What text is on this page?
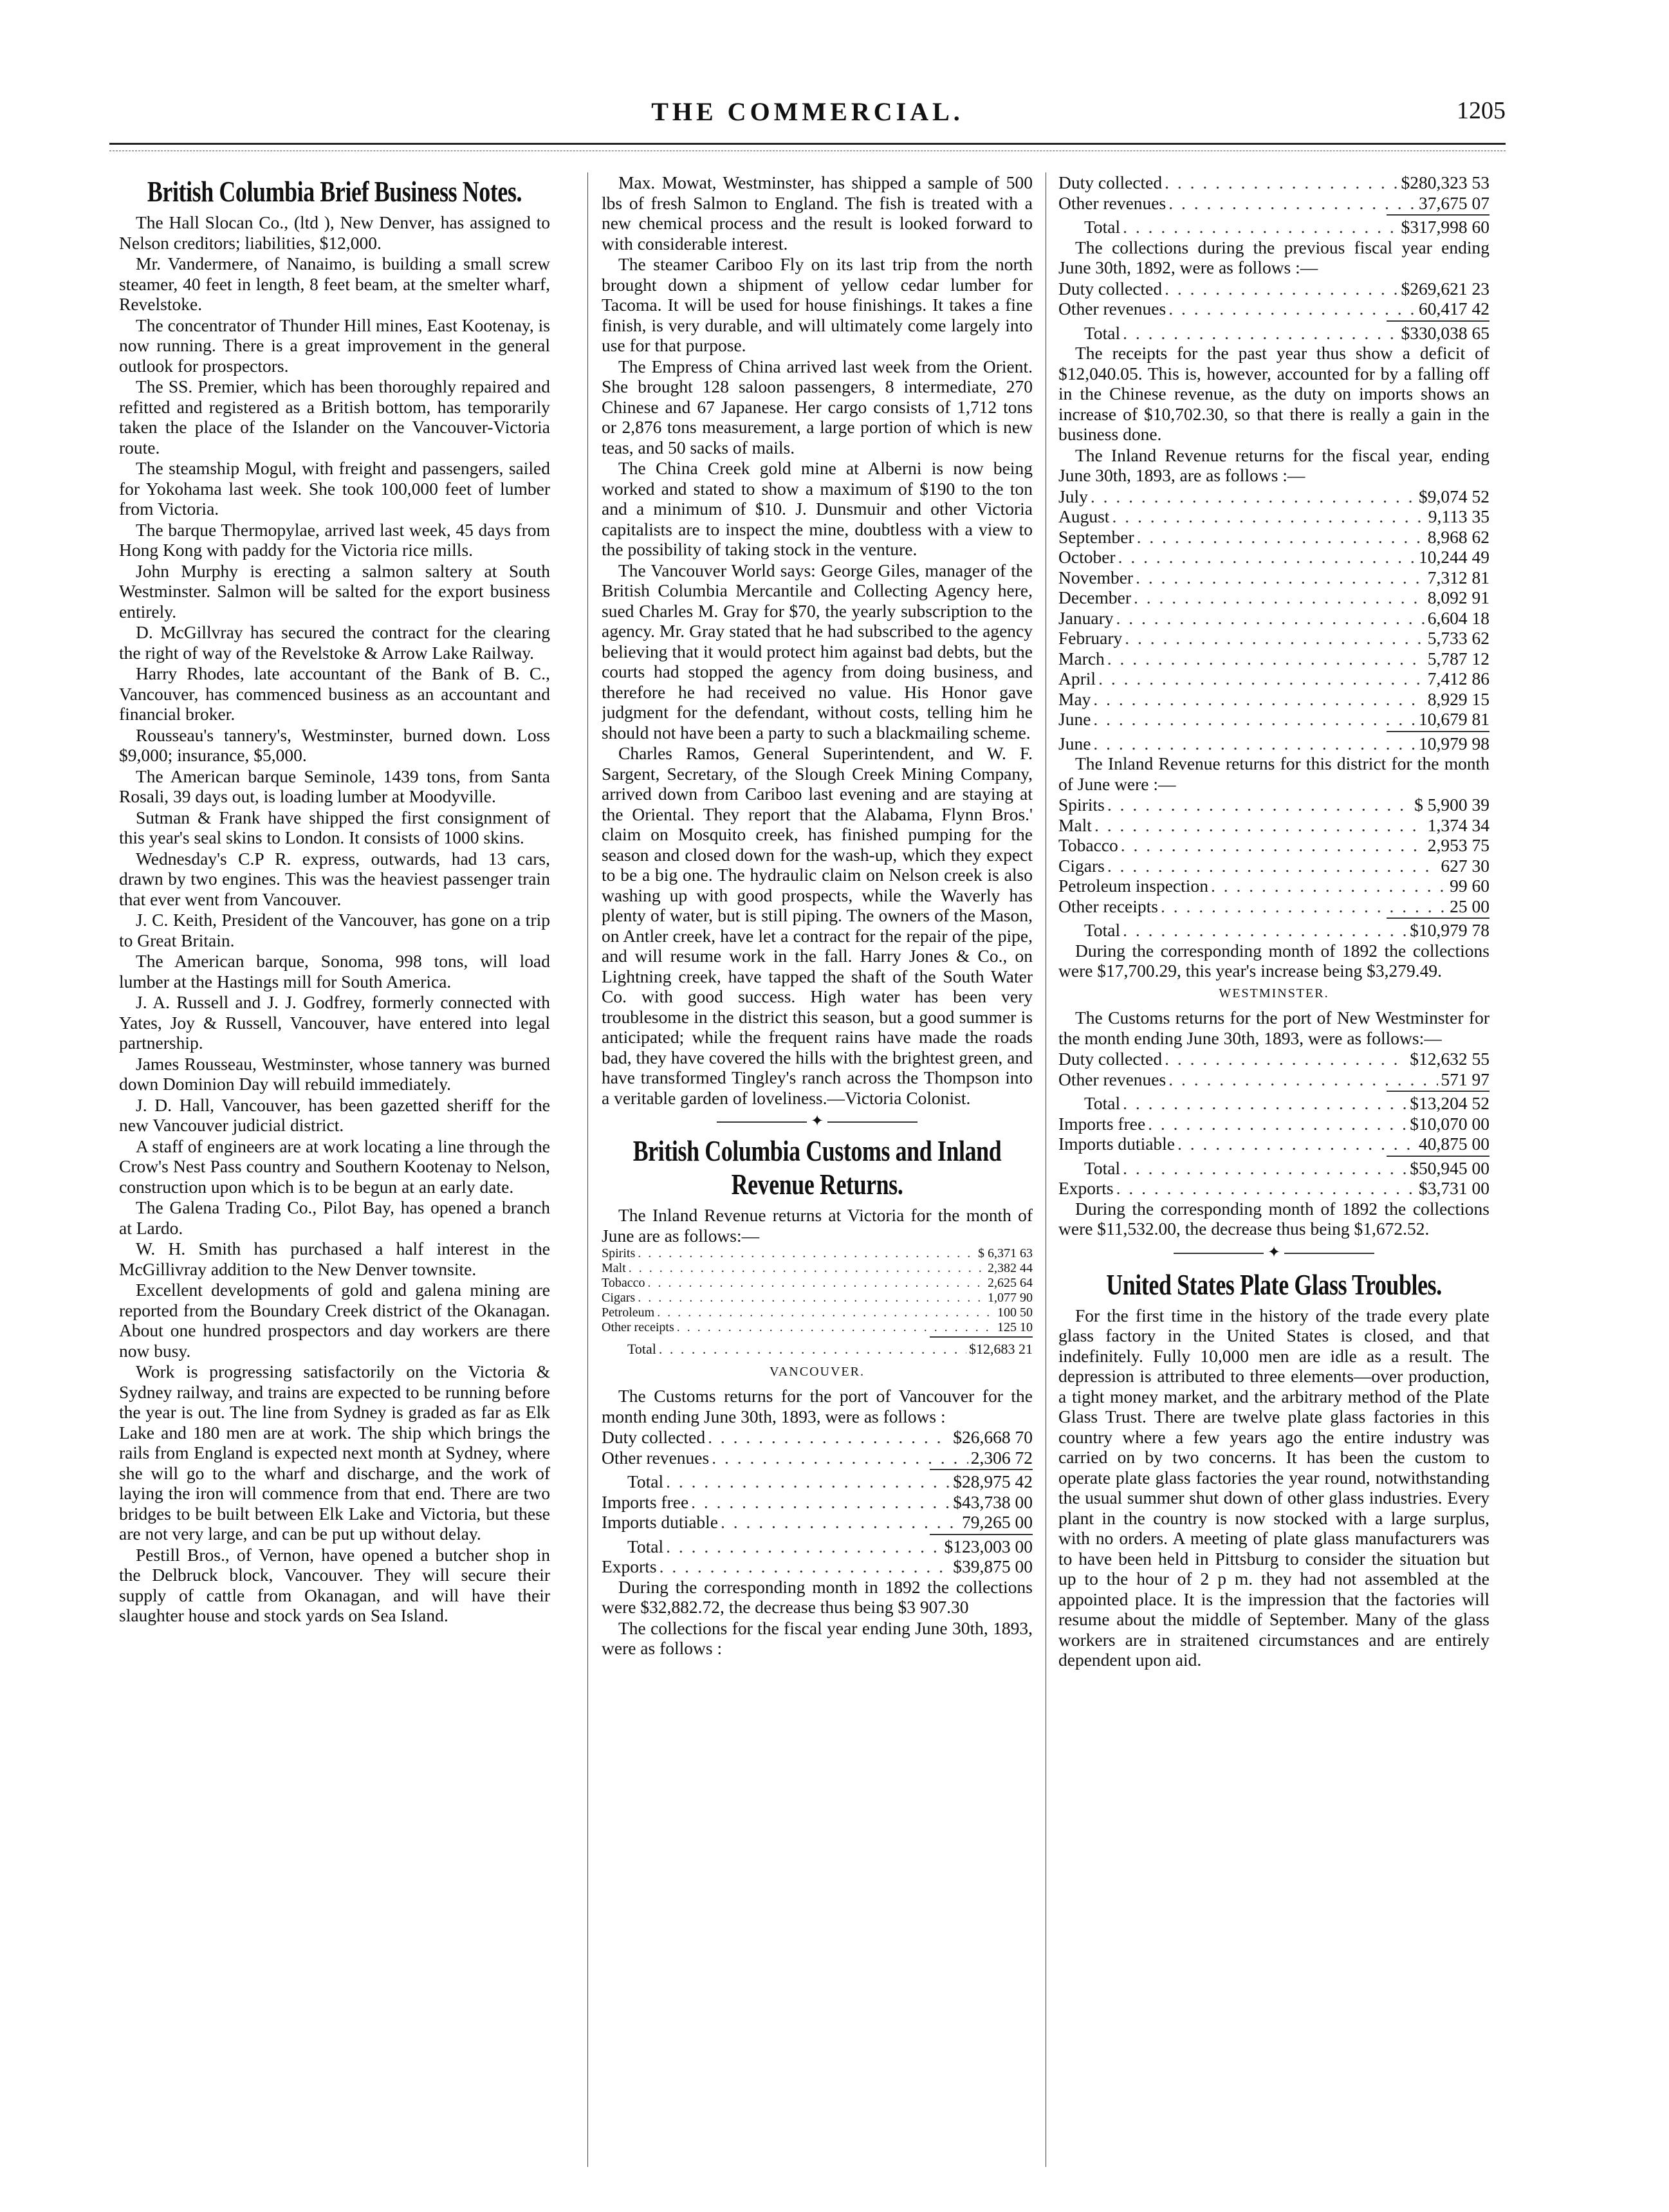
THE COMMERCIAL.	1205
British Columbia Brief Business Notes.

The Hall Slocan Co., (ltd ), New Denver, has assigned to Nelson creditors; liabilities, $12,000.

Mr. Vandermere, of Nanaimo, is building a small screw steamer, 40 feet in length, 8 feet beam, at the smelter wharf, Revelstoke.

The concentrator of Thunder Hill mines, East Kootenay, is now running. There is a great improvement in the general outlook for prospectors.

The SS. Premier, which has been thoroughly repaired and refitted and registered as a British bottom, has temporarily taken the place of the Islander on the Vancouver-Victoria route.

The steamship Mogul, with freight and passengers, sailed for Yokohama last week. She took 100,000 feet of lumber from Victoria.

The barque Thermopylae, arrived last week, 45 days from Hong Kong with paddy for the Victoria rice mills.

John Murphy is erecting a salmon saltery at South Westminster. Salmon will be salted for the export business entirely.

D. McGillvray has secured the contract for the clearing the right of way of the Revelstoke & Arrow Lake Railway.

Harry Rhodes, late accountant of the Bank of B. C., Vancouver, has commenced business as an accountant and financial broker.

Rousseau's tannery's, Westminster, burned down. Loss $9,000; insurance, $5,000.

The American barque Seminole, 1439 tons, from Santa Rosali, 39 days out, is loading lumber at Moodyville.

Sutman & Frank have shipped the first consignment of this year's seal skins to London. It consists of 1000 skins.

Wednesday's C.P R. express, outwards, had 13 cars, drawn by two engines. This was the heaviest passenger train that ever went from Vancouver.

J. C. Keith, President of the Vancouver, has gone on a trip to Great Britain.

The American barque, Sonoma, 998 tons, will load lumber at the Hastings mill for South America.

J. A. Russell and J. J. Godfrey, formerly connected with Yates, Joy & Russell, Vancouver, have entered into legal partnership.

James Rousseau, Westminster, whose tannery was burned down Dominion Day will rebuild immediately.

J. D. Hall, Vancouver, has been gazetted sheriff for the new Vancouver judicial district.

A staff of engineers are at work locating a line through the Crow's Nest Pass country and Southern Kootenay to Nelson, construction upon which is to be begun at an early date.

The Galena Trading Co., Pilot Bay, has opened a branch at Lardo.

W. H. Smith has purchased a half interest in the McGillivray addition to the New Denver townsite.

Excellent developments of gold and galena mining are reported from the Boundary Creek district of the Okanagan. About one hundred prospectors and day workers are there now busy.

Work is progressing satisfactorily on the Victoria & Sydney railway, and trains are expected to be running before the year is out. The line from Sydney is graded as far as Elk Lake and 180 men are at work. The ship which brings the rails from England is expected next month at Sydney, where she will go to the wharf and discharge, and the work of laying the iron will commence from that end. There are two bridges to be built between Elk Lake and Victoria, but these are not very large, and can be put up without delay.

Pestill Bros., of Vernon, have opened a butcher shop in the Delbruck block, Vancouver. They will secure their supply of cattle from Okanagan, and will have their slaughter house and stock yards on Sea Island.

Max. Mowat, Westminster, has shipped a sample of 500 lbs of fresh Salmon to England. The fish is treated with a new chemical process and the result is looked forward to with considerable interest.

The steamer Cariboo Fly on its last trip from the north brought down a shipment of yellow cedar lumber for Tacoma. It will be used for house finishings. It takes a fine finish, is very durable, and will ultimately come largely into use for that purpose.

The Empress of China arrived last week from the Orient. She brought 128 saloon passengers, 8 intermediate, 270 Chinese and 67 Japanese. Her cargo consists of 1,712 tons or 2,876 tons measurement, a large portion of which is new teas, and 50 sacks of mails.

The China Creek gold mine at Alberni is now being worked and stated to show a maximum of $190 to the ton and a minimum of $10. J. Dunsmuir and other Victoria capitalists are to inspect the mine, doubtless with a view to the possibility of taking stock in the venture.

The Vancouver World says: George Giles, manager of the British Columbia Mercantile and Collecting Agency here, sued Charles M. Gray for $70, the yearly subscription to the agency. Mr. Gray stated that he had subscribed to the agency believing that it would protect him against bad debts, but the courts had stopped the agency from doing business, and therefore he had received no value. His Honor gave judgment for the defendant, without costs, telling him he should not have been a party to such a blackmailing scheme.

Charles Ramos, General Superintendent, and W. F. Sargent, Secretary, of the Slough Creek Mining Company, arrived down from Cariboo last evening and are staying at the Oriental. They report that the Alabama, Flynn Bros.' claim on Mosquito creek, has finished pumping for the season and closed down for the wash-up, which they expect to be a big one. The hydraulic claim on Nelson creek is also washing up with good prospects, while the Waverly has plenty of water, but is still piping. The owners of the Mason, on Antler creek, have let a contract for the repair of the pipe, and will resume work in the fall. Harry Jones & Co., on Lightning creek, have tapped the shaft of the South Water Co. with good success. High water has been very troublesome in the district this season, but a good summer is anticipated; while the frequent rains have made the roads bad, they have covered the hills with the brightest green, and have transformed Tingley's ranch across the Thompson into a veritable garden of loveliness.—Victoria Colonist.

✦
British Columbia Customs and Inland Revenue Returns.

The Inland Revenue returns at Victoria for the month of June are as follows:—

Spirits . . .	$ 6,371 63
Malt . . .	2,382 44
Tobacco . . .	2,625 64
Cigars . . .	1,077 90
Petroleum . . .	100 50
Other receipts . . .	125 10
Total . . .	$12,683 21
VANCOUVER.

The Customs returns for the port of Vancouver for the month ending June 30th, 1893, were as follows :

Duty collected . . .	$26,668 70
Other revenues . . .	2,306 72
Total . . .	$28,975 42
Imports free . . .	$43,738 00
Imports dutiable . . .	79,265 00
Total . . .	$123,003 00
Exports . . .	$39,875 00

During the corresponding month in 1892 the collections were $32,882.72, the decrease thus being $3 907.30

The collections for the fiscal year ending June 30th, 1893, were as follows :

Duty collected . . .	$280,323 53
Other revenues . . .	37,675 07
Total . . .	$317,998 60

The collections during the previous fiscal year ending June 30th, 1892, were as follows :—

Duty collected . . .	$269,621 23
Other revenues . . .	60,417 42
Total . . .	$330,038 65

The receipts for the past year thus show a deficit of $12,040.05. This is, however, accounted for by a falling off in the Chinese revenue, as the duty on imports shows an increase of $10,702.30, so that there is really a gain in the business done.

The Inland Revenue returns for the fiscal year, ending June 30th, 1893, are as follows :—

July . . .	$9,074 52
August . . .	9,113 35
September . . .	8,968 62
October . . .	10,244 49
November . . .	7,312 81
December . . .	8,092 91
January . . .	6,604 18
February . . .	5,733 62
March . . .	5,787 12
April . . .	7,412 86
May . . .	8,929 15
June . . .	10,679 81
June . . .	10,979 98

The Inland Revenue returns for this district for the month of June were :—

Spirits . . .	$ 5,900 39
Malt . . .	1,374 34
Tobacco . . .	2,953 75
Cigars . . .	627 30
Petroleum inspection . . .	99 60
Other receipts . . .	25 00
Total . . .	$10,979 78

During the corresponding month of 1892 the collections were $17,700.29, this year's increase being $3,279.49.

WESTMINSTER.

The Customs returns for the port of New Westminster for the month ending June 30th, 1893, were as follows:—

Duty collected . . .	$12,632 55
Other revenues . . .	571 97
Total . . .	$13,204 52
Imports free . . .	$10,070 00
Imports dutiable . . .	40,875 00
Total . . .	$50,945 00
Exports . . .	$3,731 00

During the corresponding month of 1892 the collections were $11,532.00, the decrease thus being $1,672.52.

✦
United States Plate Glass Troubles.

For the first time in the history of the trade every plate glass factory in the United States is closed, and that indefinitely. Fully 10,000 men are idle as a result. The depression is attributed to three elements—over production, a tight money market, and the arbitrary method of the Plate Glass Trust. There are twelve plate glass factories in this country where a few years ago the entire industry was carried on by two concerns. It has been the custom to operate plate glass factories the year round, notwithstanding the usual summer shut down of other glass industries. Every plant in the country is now stocked with a large surplus, with no orders. A meeting of plate glass manufacturers was to have been held in Pittsburg to consider the situation but up to the hour of 2 p m. they had not assembled at the appointed place. It is the impression that the factories will resume about the middle of September. Many of the glass workers are in straitened circumstances and are entirely dependent upon aid.
